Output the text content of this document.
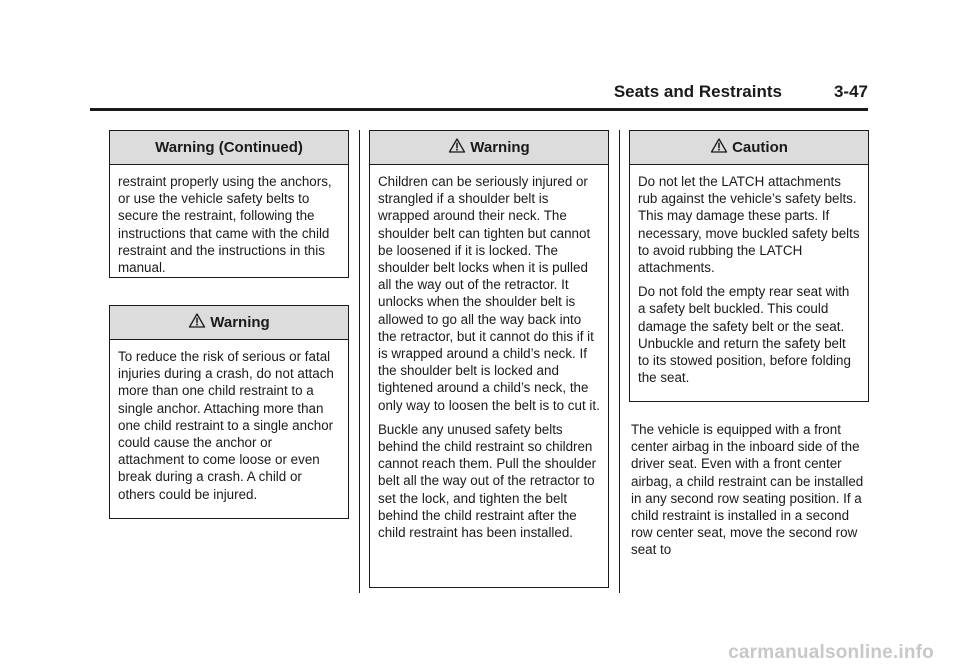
Seats and Restraints	3-47
Warning (Continued)

restraint properly using the anchors, or use the vehicle safety belts to secure the restraint, following the instructions that came with the child restraint and the instructions in this manual.

Warning

To reduce the risk of serious or fatal injuries during a crash, do not attach more than one child restraint to a single anchor. Attaching more than one child restraint to a single anchor could cause the anchor or attachment to come loose or even break during a crash. A child or others could be injured.

Warning

Children can be seriously injured or strangled if a shoulder belt is wrapped around their neck. The shoulder belt can tighten but cannot be loosened if it is locked. The shoulder belt locks when it is pulled all the way out of the retractor. It unlocks when the shoulder belt is allowed to go all the way back into the retractor, but it cannot do this if it is wrapped around a child’s neck. If the shoulder belt is locked and tightened around a child’s neck, the only way to loosen the belt is to cut it.

Buckle any unused safety belts behind the child restraint so children cannot reach them. Pull the shoulder belt all the way out of the retractor to set the lock, and tighten the belt behind the child restraint after the child restraint has been installed.

Caution

Do not let the LATCH attachments rub against the vehicle’s safety belts. This may damage these parts. If necessary, move buckled safety belts to avoid rubbing the LATCH attachments.

Do not fold the empty rear seat with a safety belt buckled. This could damage the safety belt or the seat. Unbuckle and return the safety belt to its stowed position, before folding the seat.

The vehicle is equipped with a front center airbag in the inboard side of the driver seat. Even with a front center airbag, a child restraint can be installed in any second row seating position. If a child restraint is installed in a second row center seat, move the second row seat to

carmanualsonline.info
